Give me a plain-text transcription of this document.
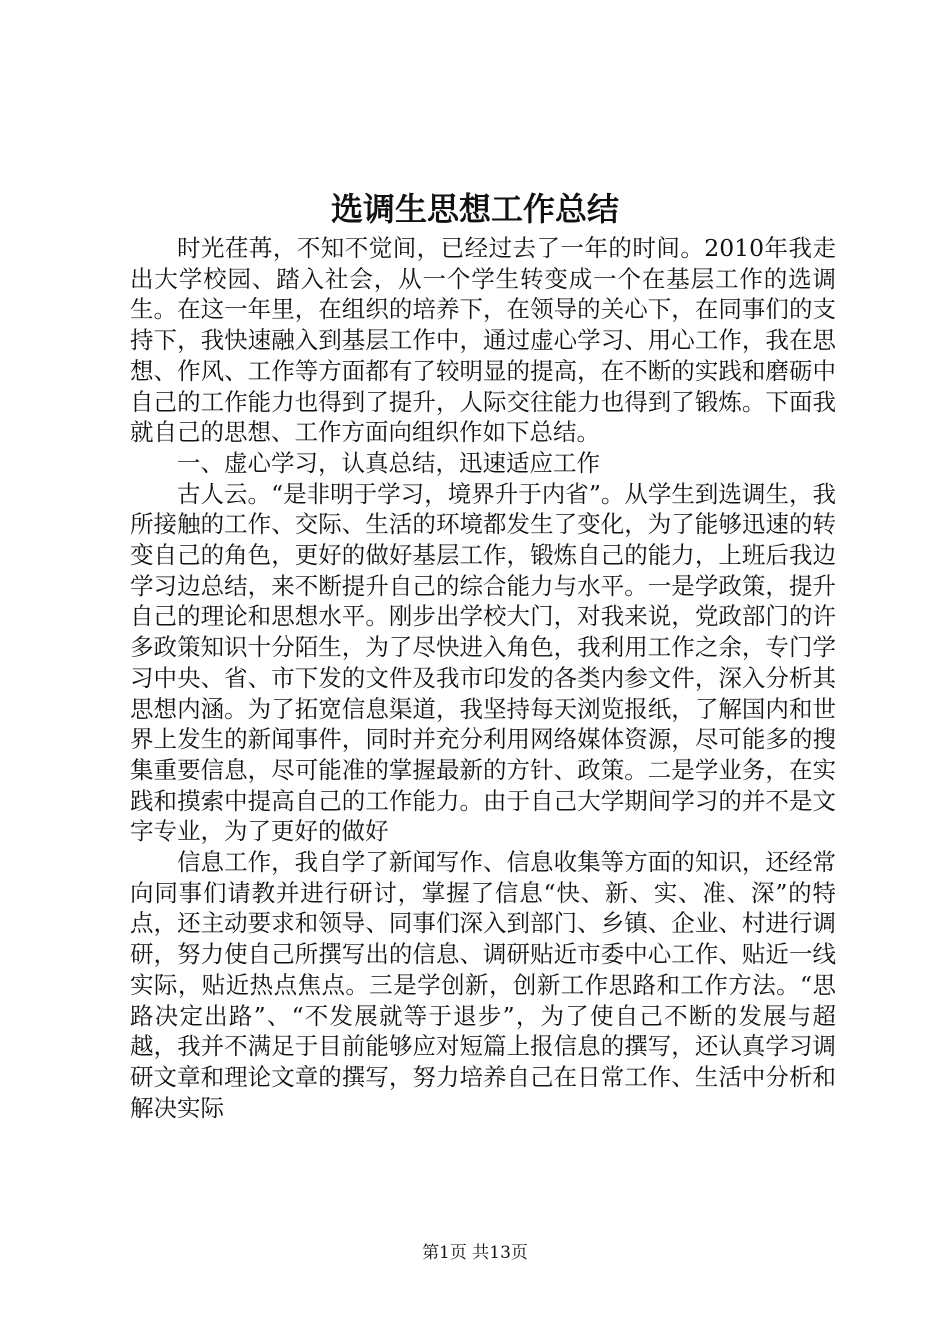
选调生思想工作总结

时光荏苒，不知不觉间，已经过去了一年的时间。2010年我走出大学校园、踏入社会，从一个学生转变成一个在基层工作的选调生。在这一年里，在组织的培养下，在领导的关心下，在同事们的支持下，我快速融入到基层工作中，通过虚心学习、用心工作，我在思想、作风、工作等方面都有了较明显的提高，在不断的实践和磨砺中自己的工作能力也得到了提升，人际交往能力也得到了锻炼。下面我就自己的思想、工作方面向组织作如下总结。

一、虚心学习，认真总结，迅速适应工作

古人云。“是非明于学习，境界升于内省”。从学生到选调生，我所接触的工作、交际、生活的环境都发生了变化，为了能够迅速的转变自己的角色，更好的做好基层工作，锻炼自己的能力，上班后我边学习边总结，来不断提升自己的综合能力与水平。一是学政策，提升自己的理论和思想水平。刚步出学校大门，对我来说，党政部门的许多政策知识十分陌生，为了尽快进入角色，我利用工作之余，专门学习中央、省、市下发的文件及我市印发的各类内参文件，深入分析其思想内涵。为了拓宽信息渠道，我坚持每天浏览报纸，了解国内和世界上发生的新闻事件，同时并充分利用网络媒体资源，尽可能多的搜集重要信息，尽可能准的掌握最新的方针、政策。二是学业务，在实践和摸索中提高自己的工作能力。由于自己大学期间学习的并不是文字专业，为了更好的做好

信息工作，我自学了新闻写作、信息收集等方面的知识，还经常向同事们请教并进行研讨，掌握了信息“快、新、实、准、深”的特点，还主动要求和领导、同事们深入到部门、乡镇、企业、村进行调研，努力使自己所撰写出的信息、调研贴近市委中心工作、贴近一线实际，贴近热点焦点。三是学创新，创新工作思路和工作方法。“思路决定出路”、“不发展就等于退步”，为了使自己不断的发展与超越，我并不满足于目前能够应对短篇上报信息的撰写，还认真学习调研文章和理论文章的撰写，努力培养自己在日常工作、生活中分析和解决实际

第1页 共13页
